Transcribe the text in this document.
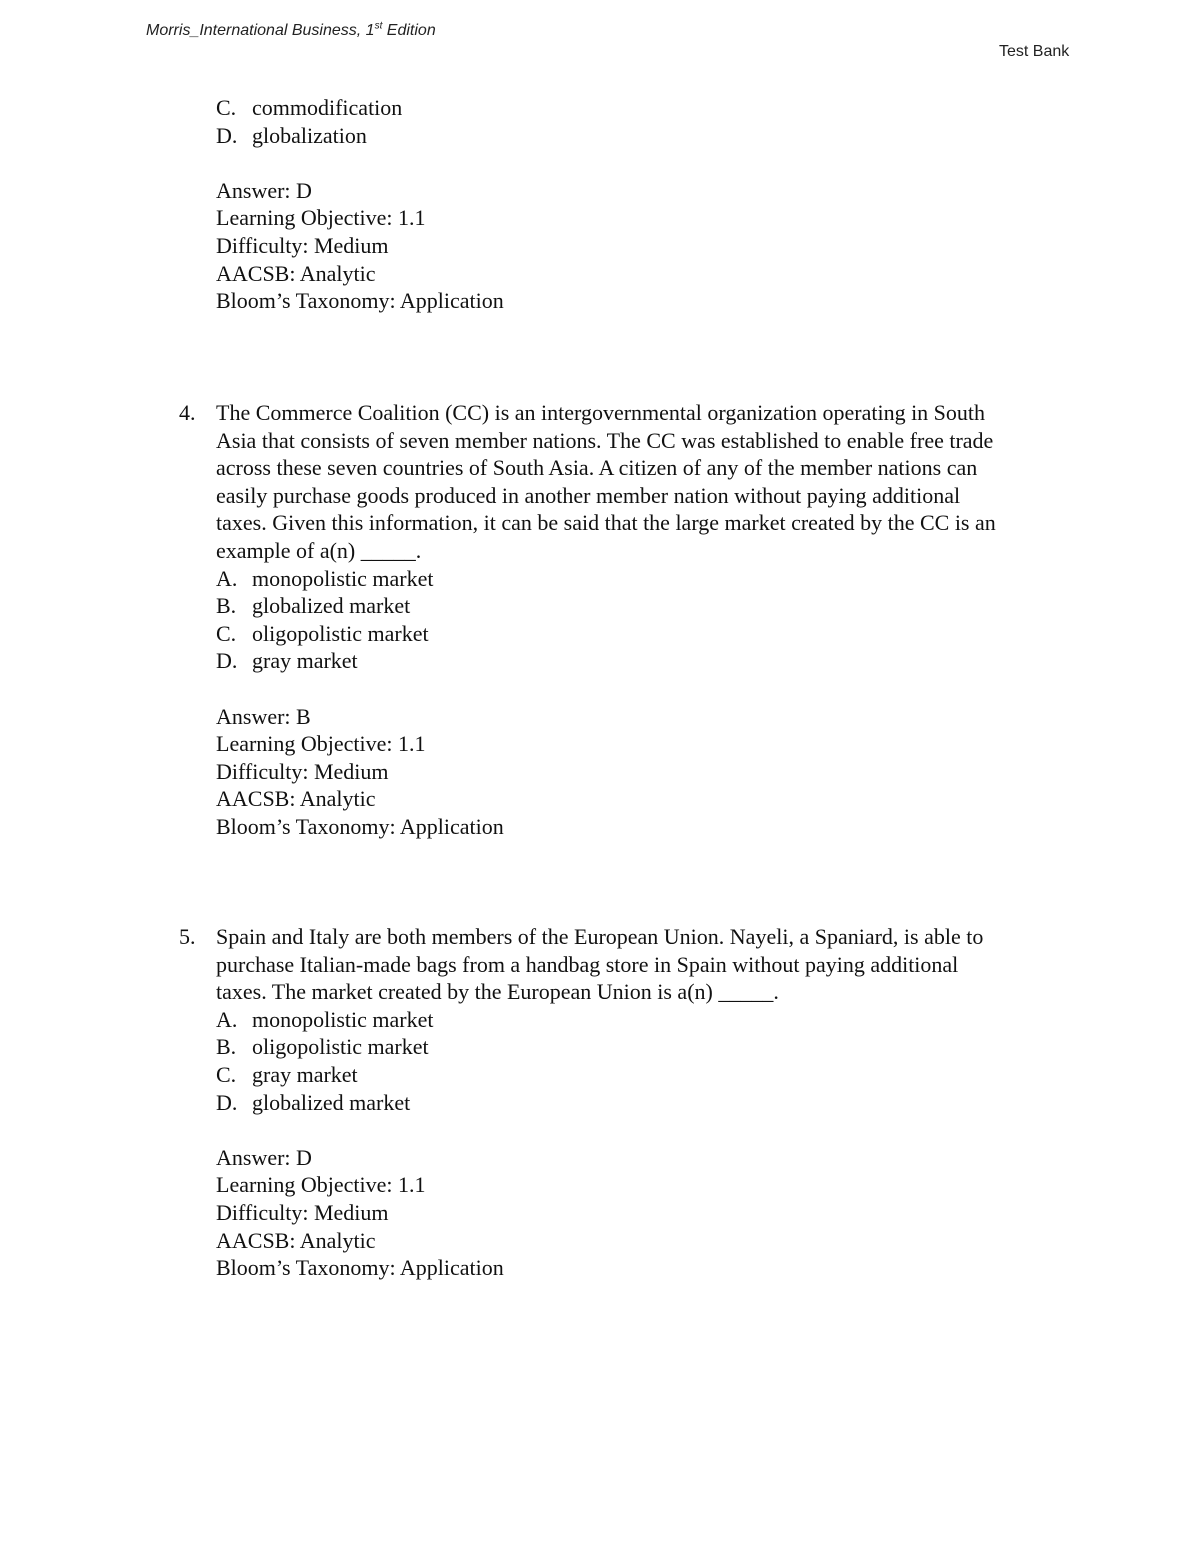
Morris_International Business, 1st Edition
Test Bank
C. commodification
D. globalization
Answer: D
Learning Objective: 1.1
Difficulty: Medium
AACSB: Analytic
Bloom’s Taxonomy: Application
4. The Commerce Coalition (CC) is an intergovernmental organization operating in South
Asia that consists of seven member nations. The CC was established to enable free trade
across these seven countries of South Asia. A citizen of any of the member nations can
easily purchase goods produced in another member nation without paying additional
taxes. Given this information, it can be said that the large market created by the CC is an
example of a(n) _____.
A. monopolistic market
B. globalized market
C. oligopolistic market
D. gray market
Answer: B
Learning Objective: 1.1
Difficulty: Medium
AACSB: Analytic
Bloom’s Taxonomy: Application
5. Spain and Italy are both members of the European Union. Nayeli, a Spaniard, is able to
purchase Italian-made bags from a handbag store in Spain without paying additional
taxes. The market created by the European Union is a(n) _____.
A. monopolistic market
B. oligopolistic market
C. gray market
D. globalized market
Answer: D
Learning Objective: 1.1
Difficulty: Medium
AACSB: Analytic
Bloom’s Taxonomy: Application
